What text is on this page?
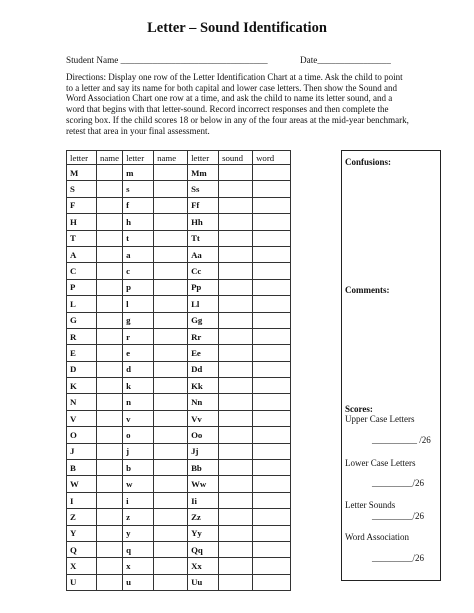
Letter – Sound Identification
Student Name ________________________________	Date________________
Directions: Display one row of the Letter Identification Chart at a time. Ask the child to point to a letter and say its name for both capital and lower case letters. Then show the Sound and Word Association Chart one row at a time, and ask the child to name its letter sound, and a word that begins with that letter-sound. Record incorrect responses and then complete the scoring box. If the child scores 18 or below in any of the four areas at the mid-year benchmark, retest that area in your final assessment.
letter	name	letter	name	letter	sound	word
M		m		Mm		
S		s		Ss		
F		f		Ff		
H		h		Hh		
T		t		Tt		
A		a		Aa		
C		c		Cc		
P		p		Pp		
L		l		Ll		
G		g		Gg		
R		r		Rr		
E		e		Ee		
D		d		Dd		
K		k		Kk		
N		n		Nn		
V		v		Vv		
O		o		Oo		
J		j		Jj		
B		b		Bb		
W		w		Ww		
I		i		Ii		
Z		z		Zz		
Y		y		Yy		
Q		q		Qq		
X		x		Xx		
U		u		Uu		
Confusions:
Comments:
Scores:
Upper Case Letters
__________ /26
Lower Case Letters
_________/26
Letter Sounds
_________/26
Word Association
_________/26
